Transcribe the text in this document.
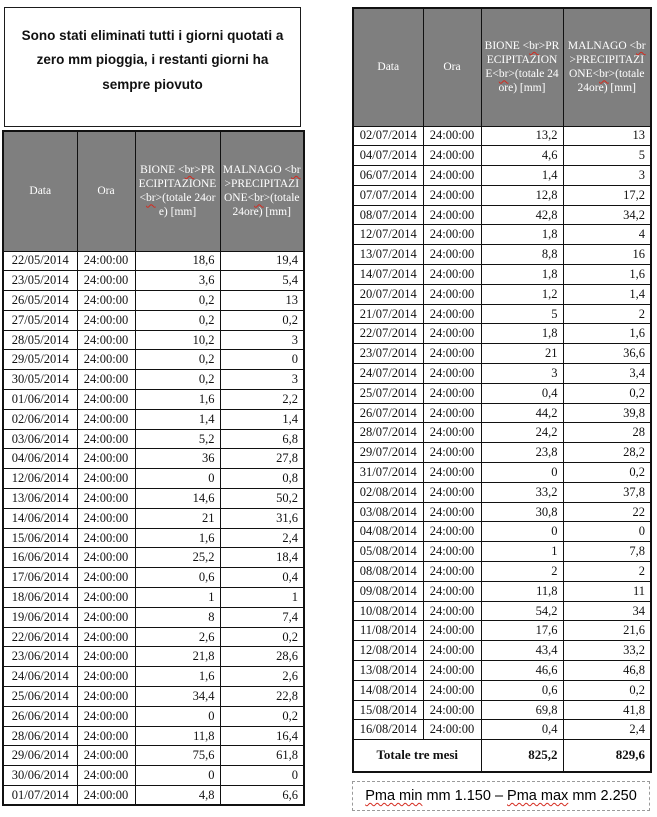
Sono stati eliminati tutti i giorni quotati a zero mm pioggia, i restanti giorni ha sempre piovuto
Data	Ora	BIONE <br>PRECIPITAZIONE<br>(totale 24ore) [mm]	MALNAGO <br>PRECIPITAZIONE<br>(totale 24ore) [mm]
22/05/2014	24:00:00	18,6	19,4
23/05/2014	24:00:00	3,6	5,4
26/05/2014	24:00:00	0,2	13
27/05/2014	24:00:00	0,2	0,2
28/05/2014	24:00:00	10,2	3
29/05/2014	24:00:00	0,2	0
30/05/2014	24:00:00	0,2	3
01/06/2014	24:00:00	1,6	2,2
02/06/2014	24:00:00	1,4	1,4
03/06/2014	24:00:00	5,2	6,8
04/06/2014	24:00:00	36	27,8
12/06/2014	24:00:00	0	0,8
13/06/2014	24:00:00	14,6	50,2
14/06/2014	24:00:00	21	31,6
15/06/2014	24:00:00	1,6	2,4
16/06/2014	24:00:00	25,2	18,4
17/06/2014	24:00:00	0,6	0,4
18/06/2014	24:00:00	1	1
19/06/2014	24:00:00	8	7,4
22/06/2014	24:00:00	2,6	0,2
23/06/2014	24:00:00	21,8	28,6
24/06/2014	24:00:00	1,6	2,6
25/06/2014	24:00:00	34,4	22,8
26/06/2014	24:00:00	0	0,2
28/06/2014	24:00:00	11,8	16,4
29/06/2014	24:00:00	75,6	61,8
30/06/2014	24:00:00	0	0
01/07/2014	24:00:00	4,8	6,6
Data	Ora	BIONE <br>PRECIPITAZIONE<br>(totale 24ore) [mm]	MALNAGO <br>PRECIPITAZIONE<br>(totale 24ore) [mm]
02/07/2014	24:00:00	13,2	13
04/07/2014	24:00:00	4,6	5
06/07/2014	24:00:00	1,4	3
07/07/2014	24:00:00	12,8	17,2
08/07/2014	24:00:00	42,8	34,2
12/07/2014	24:00:00	1,8	4
13/07/2014	24:00:00	8,8	16
14/07/2014	24:00:00	1,8	1,6
20/07/2014	24:00:00	1,2	1,4
21/07/2014	24:00:00	5	2
22/07/2014	24:00:00	1,8	1,6
23/07/2014	24:00:00	21	36,6
24/07/2014	24:00:00	3	3,4
25/07/2014	24:00:00	0,4	0,2
26/07/2014	24:00:00	44,2	39,8
28/07/2014	24:00:00	24,2	28
29/07/2014	24:00:00	23,8	28,2
31/07/2014	24:00:00	0	0,2
02/08/2014	24:00:00	33,2	37,8
03/08/2014	24:00:00	30,8	22
04/08/2014	24:00:00	0	0
05/08/2014	24:00:00	1	7,8
08/08/2014	24:00:00	2	2
09/08/2014	24:00:00	11,8	11
10/08/2014	24:00:00	54,2	34
11/08/2014	24:00:00	17,6	21,6
12/08/2014	24:00:00	43,4	33,2
13/08/2014	24:00:00	46,6	46,8
14/08/2014	24:00:00	0,6	0,2
15/08/2014	24:00:00	69,8	41,8
16/08/2014	24:00:00	0,4	2,4
Totale tre mesi		825,2	829,6
Pma min mm 1.150 – Pma max mm 2.250
